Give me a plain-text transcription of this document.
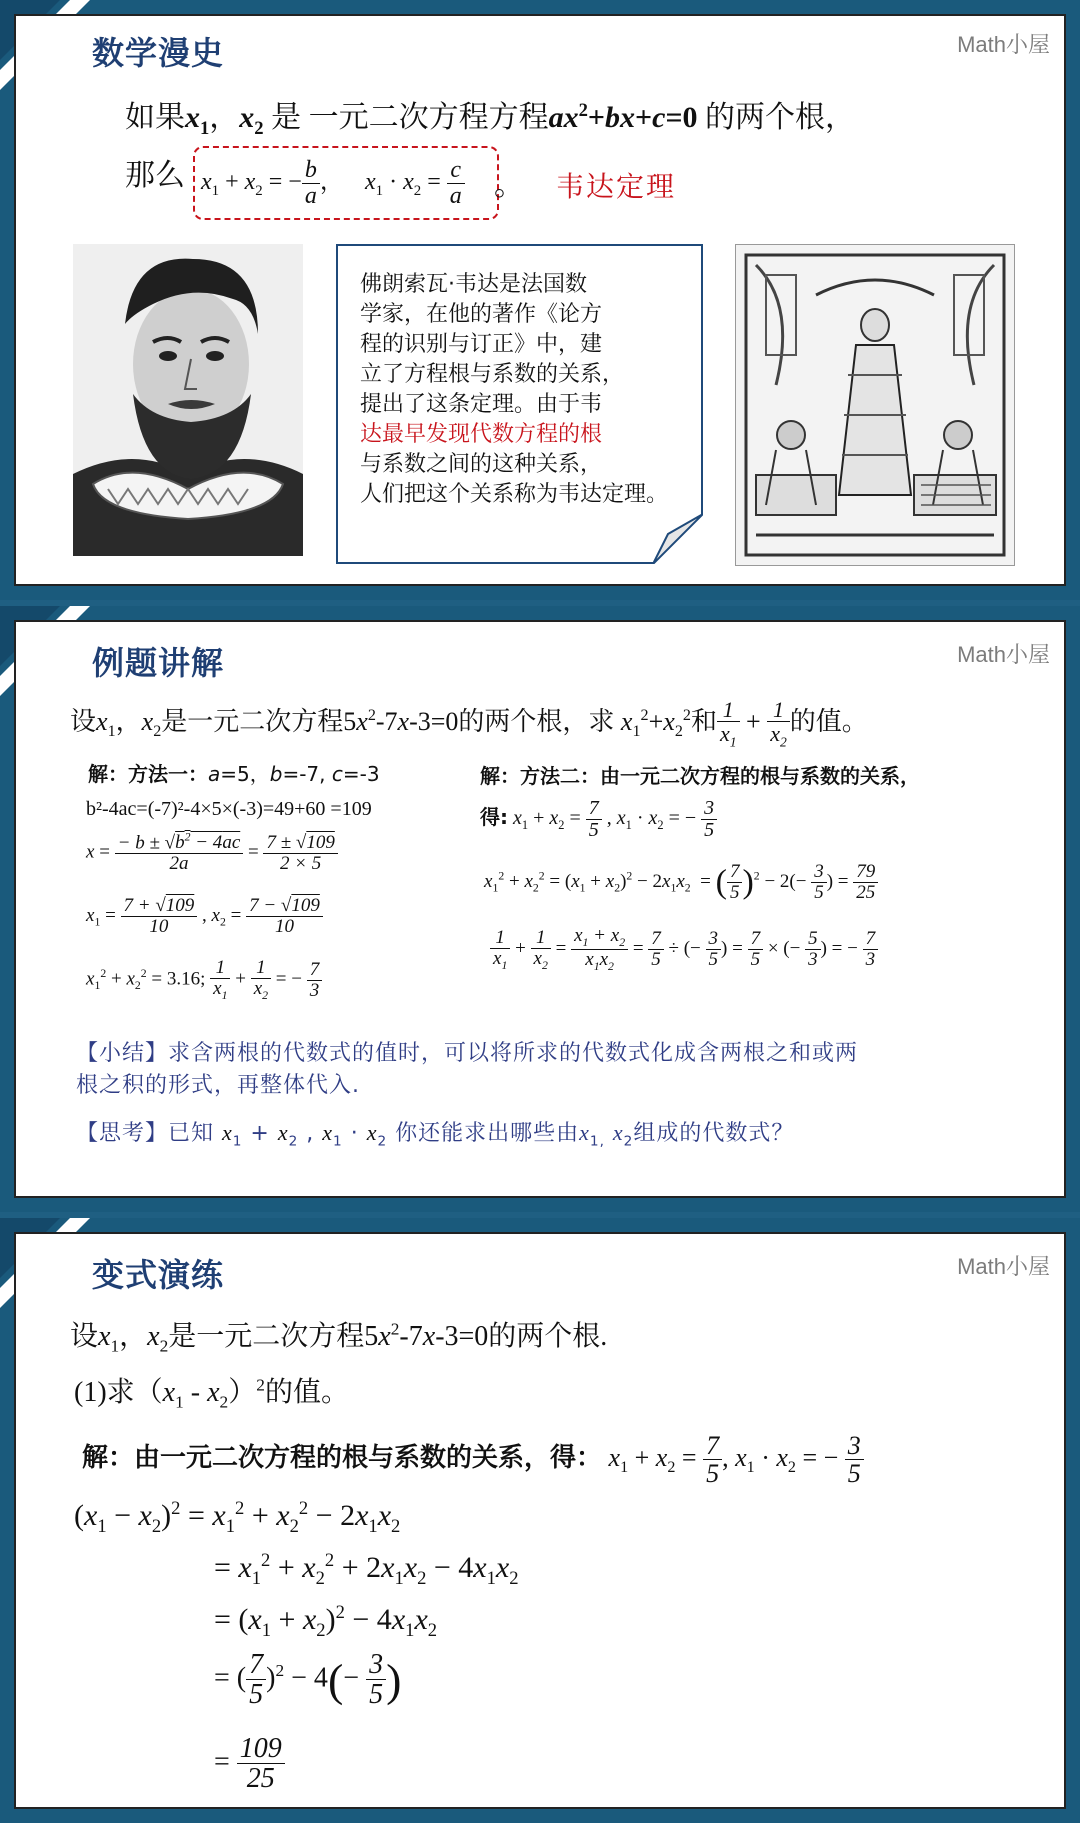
数学漫史	Math小屋
如果$x_1$，$x_2$ 是 一元二次方程方程$ax^2+bx+c=0$ 的两个根，
那么 $x_1 + x_2$ = − $\frac{b}{a}$ ， $x_1 \cdot x_2 = \frac{c}{a}$ 。 韦达定理
佛朗索瓦·韦达是法国数
学家，在他的著作《论方
程的识别与订正》中，建
立了方程根与系数的关系，
提出了这条定理。由于韦
达最早发现代数方程的根
与系数之间的这种关系，
人们把这个关系称为韦达定理。
例题讲解	Math小屋
设$x_1$，$x_2$是一元二次方程$5x^2-7x-3=0$的两个根，求 $x_1^2+x_2^2$和 $\frac{1}{x_1} + \frac{1}{x_2}$ 的值。
解：方法一：a=5，b=-7, c=-3
b²-4ac=(-7)²-4×5×(-3)=49+60 =109
$x = \frac{- b \pm √b^2 - 4ac}{2a} = \frac{7 \pm √109}{2 \times 5}$
$x_1 = \frac{7 + √109}{10}$ , $x_2 = \frac{7 - √109}{10}$
$x_1^2 + x_2^2 = 3.16$; $\frac{1}{x_1} + \frac{1}{x_2}$ = − $\frac{7}{3}$
解：方法二：由一元二次方程的根与系数的关系，
得: $x_1 + x_2 = \frac{7}{5}$ , $x_1 \cdot x_2$ = − $\frac{3}{5}$
$x_1^2 + x_2^2 = (x_1 + x_2)^2 - 2x_1x_2$  = ( $\frac{7}{5} )^2 - 2(- \frac{3}{5}$ ) = $\frac{79}{25}$
$\frac{1}{x_1} + \frac{1}{x_2} = \frac{x_1 + x_2}{x_1x_2} = \frac{7}{5}$ ÷ (− $\frac{3}{5}$ ) = $\frac{7}{5}$ × (− $\frac{5}{3}$ ) = − $\frac{7}{3}$
【小结】求含两根的代数式的值时，可以将所求的代数式化成含两根之和或两
根之积的形式，再整体代入.
【思考】已知 $x_1 + x_2$ , $x_1 \cdot x_2$ 你还能求出哪些由$x_{1,}$ $x_2$组成的代数式？
变式演练	Math小屋
设$x_1$，$x_2$是一元二次方程$5x^2-7x-3=0$的两个根.
(1)求$(x_1 - x_2)^2$的值。
解：由一元二次方程的根与系数的关系，得： $x_1 + x_2 = \frac{7}{5}$ , $x_1 \cdot x_2$ = − $\frac{3}{5}$
$(x_1 - x_2)^2 = x_1^2 + x_2^2 - 2x_1x_2$
= $x_1^2 + x_2^2 + 2x_1x_2 - 4x_1x_2$
= $(x_1 + x_2)^2 - 4x_1x_2$
= ( $\frac{7}{5} )^2 - 4(- \frac{3}{5}$ )
= $\frac{109}{25}$
